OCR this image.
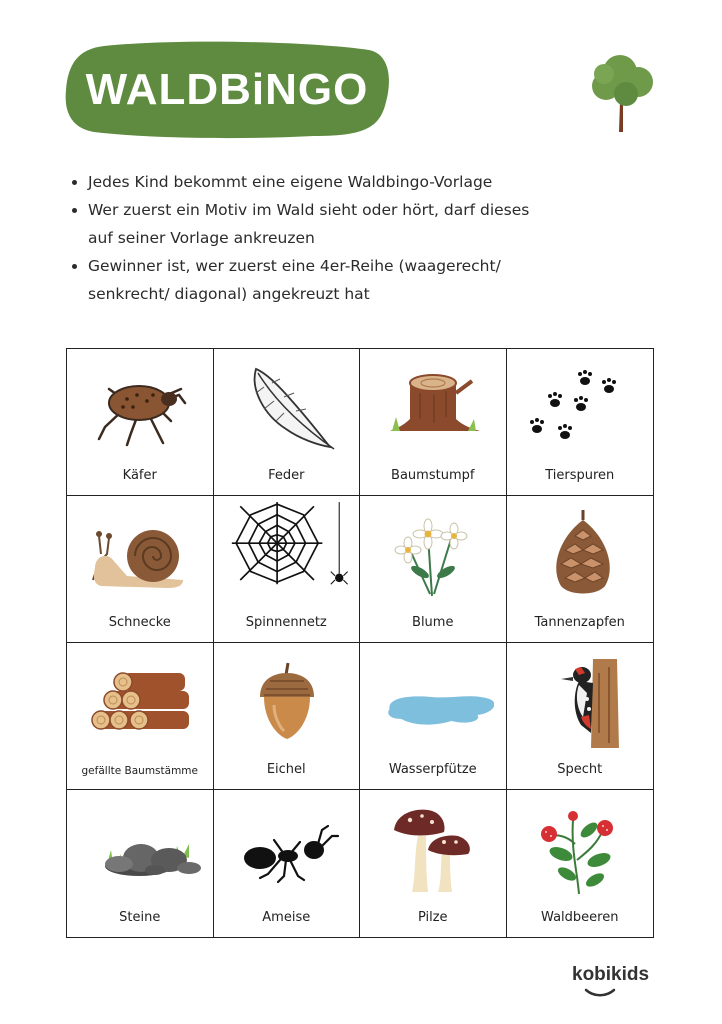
WALDBiNGO
• Jedes Kind bekommt eine eigene Waldbingo-Vorlage
• Wer zuerst ein Motiv im Wald sieht oder hört, darf dieses auf seiner Vorlage ankreuzen
• Gewinner ist, wer zuerst eine 4er-Reihe (waagerecht/ senkrecht/ diagonal) angekreuzt hat
Käfer	Feder	Baumstumpf	Tierspuren
Schnecke	Spinnennetz	Blume	Tannenzapfen
gefällte Baumstämme	Eichel	Wasserpfütze	Specht
Steine	Ameise	Pilze	Waldbeeren
kobikids
